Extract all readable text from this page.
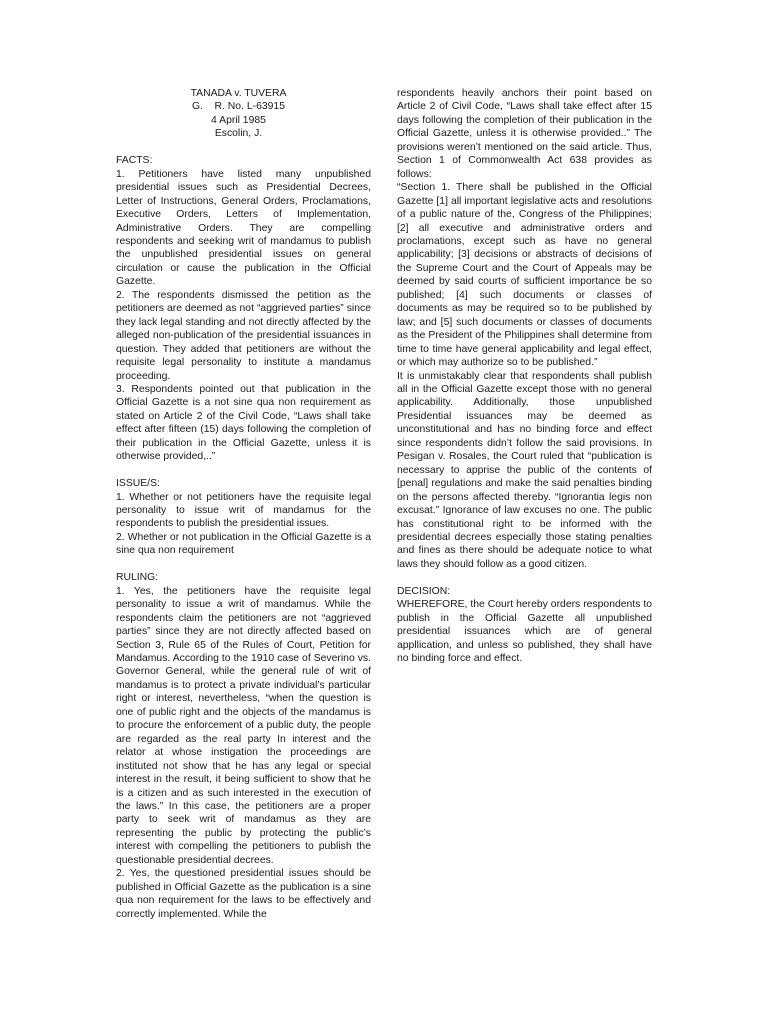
TANADA v. TUVERA
G.    R. No. L-63915
4 April 1985
Escolin, J.

FACTS:

1. Petitioners have listed many unpublished presidential issues such as Presidential Decrees, Letter of Instructions, General Orders, Proclamations, Executive Orders, Letters of Implementation, Administrative Orders. They are compelling respondents and seeking writ of mandamus to publish the unpublished presidential issues on general circulation or cause the publication in the Official Gazette.

2. The respondents dismissed the petition as the petitioners are deemed as not “aggrieved parties” since they lack legal standing and not directly affected by the alleged non-publication of the presidential issuances in question. They added that petitioners are without the requisite legal personality to institute a mandamus proceeding.

3. Respondents pointed out that publication in the Official Gazette is a not sine qua non requirement as stated on Article 2 of the Civil Code, “Laws shall take effect after fifteen (15) days following the completion of their publication in the Official Gazette, unless it is otherwise provided,..”

ISSUE/S:

1. Whether or not petitioners have the requisite legal personality to issue writ of mandamus for the respondents to publish the presidential issues.

2. Whether or not publication in the Official Gazette is a sine qua non requirement

RULING:

1. Yes, the petitioners have the requisite legal personality to issue a writ of mandamus. While the respondents claim the petitioners are not “aggrieved parties” since they are not directly affected based on Section 3, Rule 65 of the Rules of Court, Petition for Mandamus. According to the 1910 case of Severino vs. Governor General, while the general rule of writ of mandamus is to protect a private individual’s particular right or interest, nevertheless, “when the question is one of public right and the objects of the mandamus is to procure the enforcement of a public duty, the people are regarded as the real party In interest and the relator at whose instigation the proceedings are instituted not show that he has any legal or special interest in the result, it being sufficient to show that he is a citizen and as such interested in the execution of the laws.” In this case, the petitioners are a proper party to seek writ of mandamus as they are representing the public by protecting the public’s interest with compelling the petitioners to publish the questionable presidential decrees.

2. Yes, the questioned presidential issues should be published in Official Gazette as the publication is a sine qua non requirement for the laws to be effectively and correctly implemented. While the

respondents heavily anchors their point based on Article 2 of Civil Code, “Laws shall take effect after 15 days following the completion of their publication in the Official Gazette, unless it is otherwise provided..” The provisions weren’t mentioned on the said article. Thus, Section 1 of Commonwealth Act 638 provides as follows:

“Section 1. There shall be published in the Official Gazette [1] all important legislative acts and resolutions of a public nature of the, Congress of the Philippines; [2] all executive and administrative orders and proclamations, except such as have no general applicability; [3] decisions or abstracts of decisions of the Supreme Court and the Court of Appeals may be deemed by said courts of sufficient importance be so published; [4] such documents or classes of documents as may be required so to be published by law; and [5] such documents or classes of documents as the President of the Philippines shall determine from time to time have general applicability and legal effect, or which may authorize so to be published.”

It is unmistakably clear that respondents shall publish all in the Official Gazette except those with no general applicability. Additionally, those unpublished Presidential issuances may be deemed as unconstitutional and has no binding force and effect since respondents didn’t follow the said provisions. In Pesigan v. Rosales, the Court ruled that “publication is necessary to apprise the public of the contents of [penal] regulations and make the said penalties binding on the persons affected thereby. “Ignorantia legis non excusat.” Ignorance of law excuses no one. The public has constitutional right to be informed with the presidential decrees especially those stating penalties and fines as there should be adequate notice to what laws they should follow as a good citizen.

DECISION:

WHEREFORE, the Court hereby orders respondents to publish in the Official Gazette all unpublished presidential issuances which are of general appllication, and unless so published, they shall have no binding force and effect.
